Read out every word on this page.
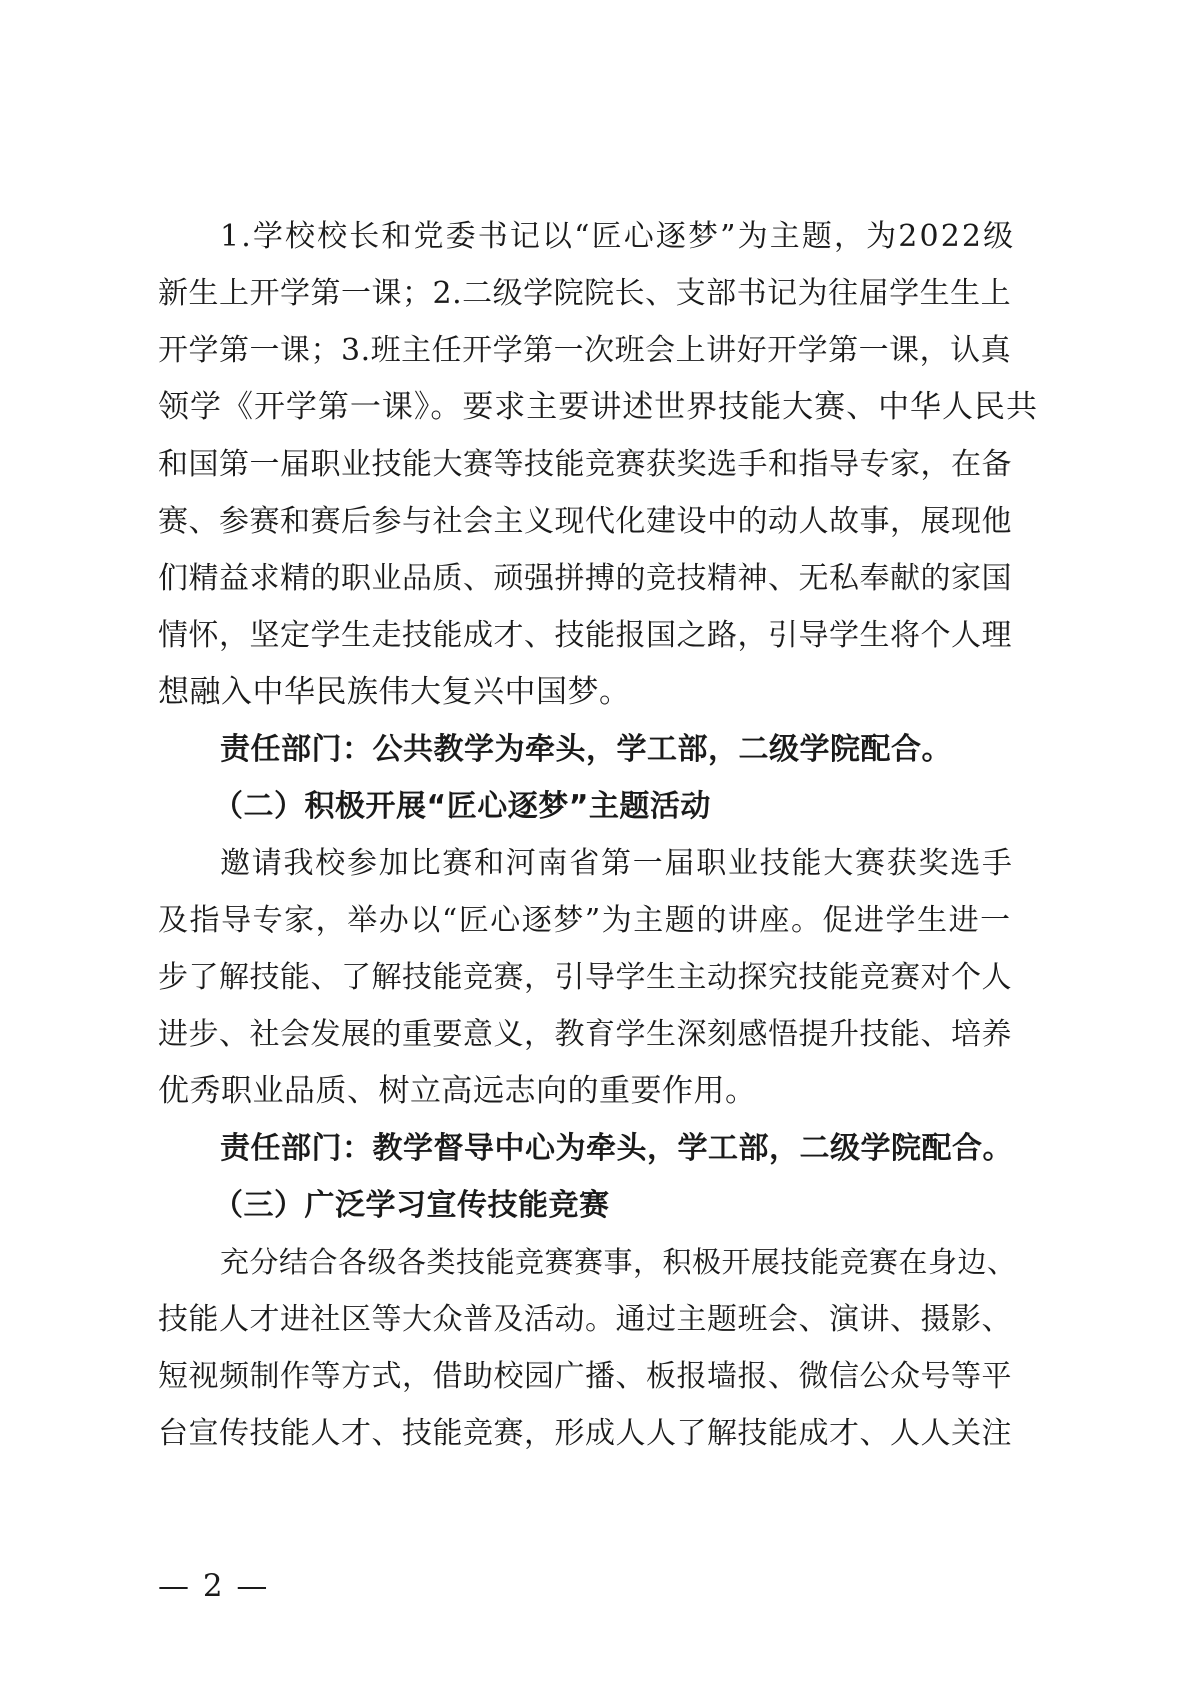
1.学校校长和党委书记以“匠心逐梦”为主题，为2022级
新生上开学第一课；2.二级学院院长、支部书记为往届学生生上
开学第一课；3.班主任开学第一次班会上讲好开学第一课，认真
领学《开学第一课》。要求主要讲述世界技能大赛、中华人民共
和国第一届职业技能大赛等技能竞赛获奖选手和指导专家，在备
赛、参赛和赛后参与社会主义现代化建设中的动人故事，展现他
们精益求精的职业品质、顽强拼搏的竞技精神、无私奉献的家国
情怀，坚定学生走技能成才、技能报国之路，引导学生将个人理
想融入中华民族伟大复兴中国梦。
责任部门：公共教学为牵头，学工部，二级学院配合。
（二）积极开展“匠心逐梦”主题活动
邀请我校参加比赛和河南省第一届职业技能大赛获奖选手
及指导专家，举办以“匠心逐梦”为主题的讲座。促进学生进一
步了解技能、了解技能竞赛，引导学生主动探究技能竞赛对个人
进步、社会发展的重要意义，教育学生深刻感悟提升技能、培养
优秀职业品质、树立高远志向的重要作用。
责任部门：教学督导中心为牵头，学工部，二级学院配合。
（三）广泛学习宣传技能竞赛
充分结合各级各类技能竞赛赛事，积极开展技能竞赛在身边、
技能人才进社区等大众普及活动。通过主题班会、演讲、摄影、
短视频制作等方式，借助校园广播、板报墙报、微信公众号等平
台宣传技能人才、技能竞赛，形成人人了解技能成才、人人关注
— 2 —
